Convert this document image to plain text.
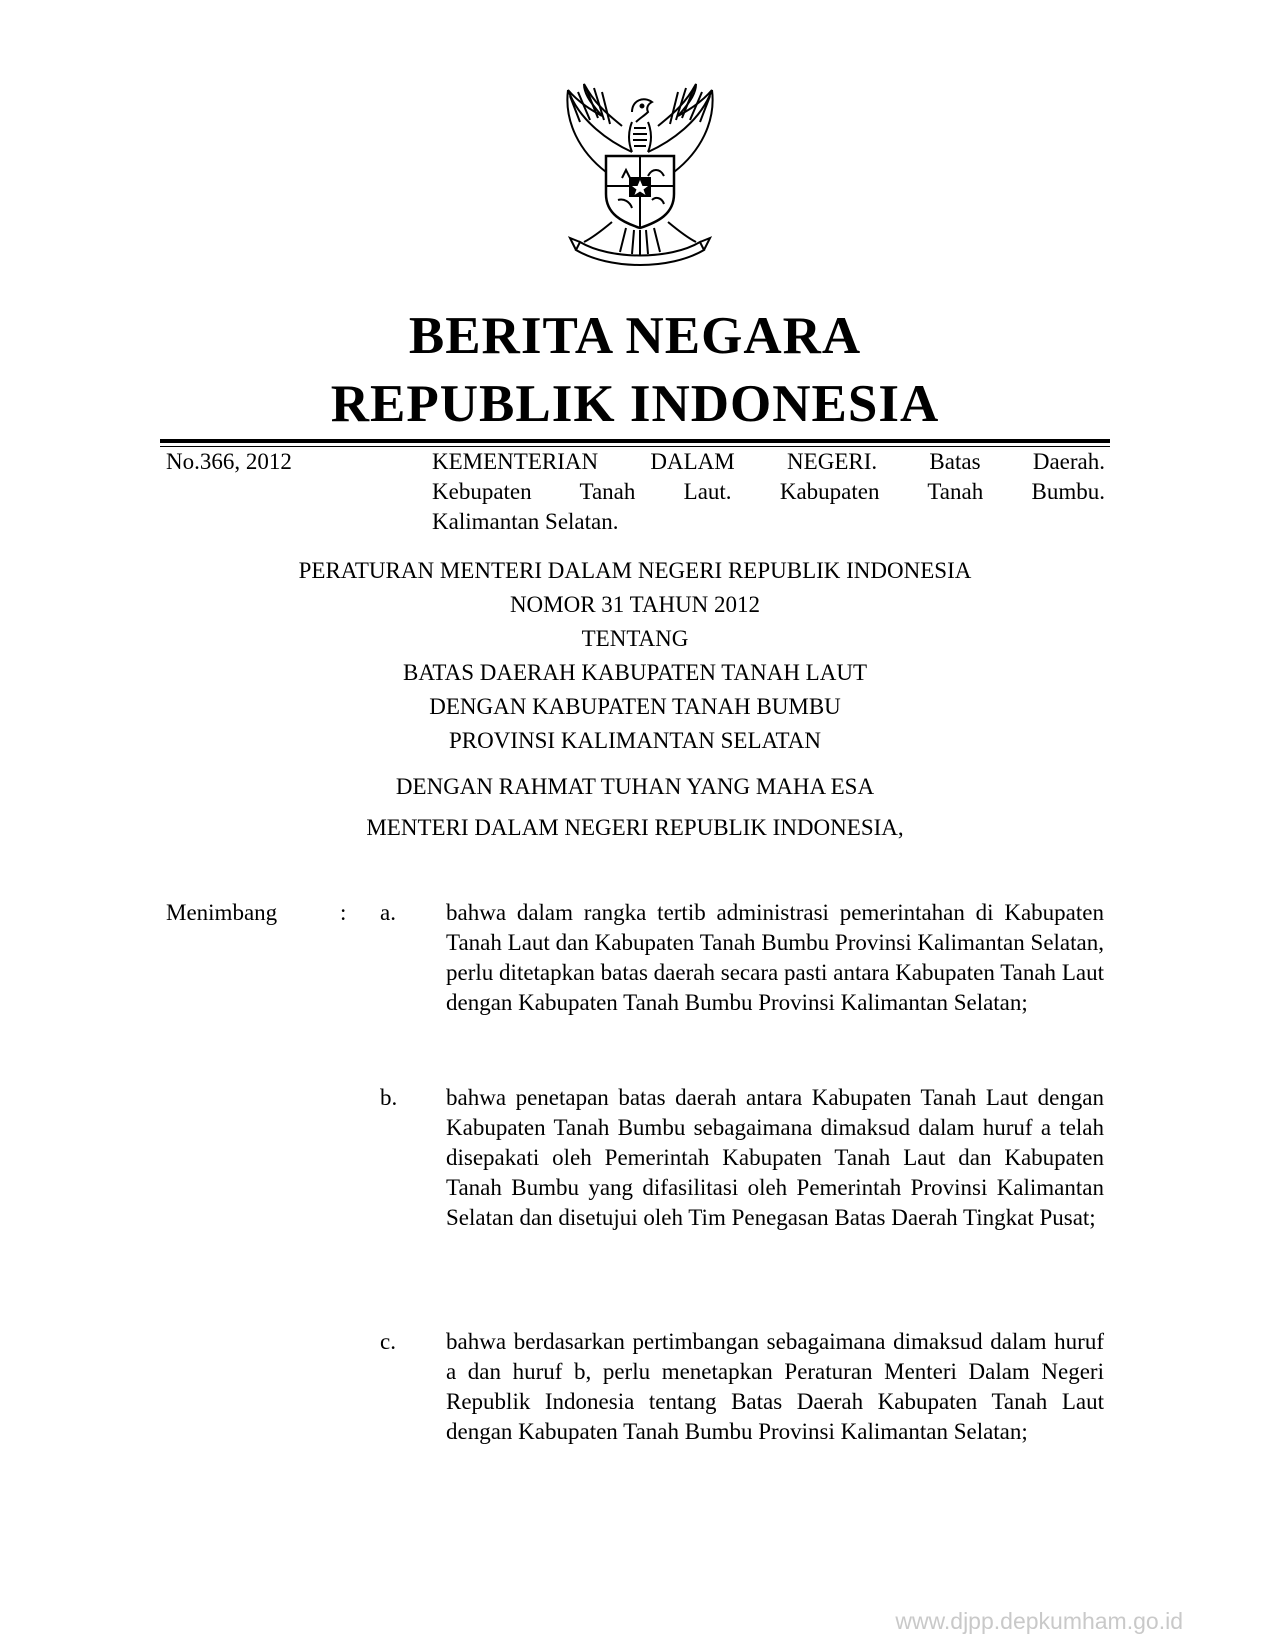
BERITA NEGARA
REPUBLIK INDONESIA
No.366, 2012	KEMENTERIAN DALAM NEGERI. Batas Daerah.
Kebupaten Tanah Laut. Kabupaten Tanah Bumbu.
Kalimantan Selatan.
PERATURAN MENTERI DALAM NEGERI REPUBLIK INDONESIA
NOMOR 31 TAHUN 2012
TENTANG
BATAS DAERAH KABUPATEN TANAH LAUT
DENGAN KABUPATEN TANAH BUMBU
PROVINSI KALIMANTAN SELATAN
DENGAN RAHMAT TUHAN YANG MAHA ESA
MENTERI DALAM NEGERI REPUBLIK INDONESIA,
Menimbang	: a.	bahwa dalam rangka tertib administrasi pemerintahan di Kabupaten Tanah Laut dan Kabupaten Tanah Bumbu Provinsi Kalimantan Selatan, perlu ditetapkan batas daerah secara pasti antara Kabupaten Tanah Laut dengan Kabupaten Tanah Bumbu Provinsi Kalimantan Selatan;
b.	bahwa penetapan batas daerah antara Kabupaten Tanah Laut dengan Kabupaten Tanah Bumbu sebagaimana dimaksud dalam huruf a telah disepakati oleh Pemerintah Kabupaten Tanah Laut dan Kabupaten Tanah Bumbu yang difasilitasi oleh Pemerintah Provinsi Kalimantan Selatan dan disetujui oleh Tim Penegasan Batas Daerah Tingkat Pusat;
c.	bahwa berdasarkan pertimbangan sebagaimana dimaksud dalam huruf a dan huruf b, perlu menetapkan Peraturan Menteri Dalam Negeri Republik Indonesia tentang Batas Daerah Kabupaten Tanah Laut dengan Kabupaten Tanah Bumbu Provinsi Kalimantan Selatan;
www.djpp.depkumham.go.id
